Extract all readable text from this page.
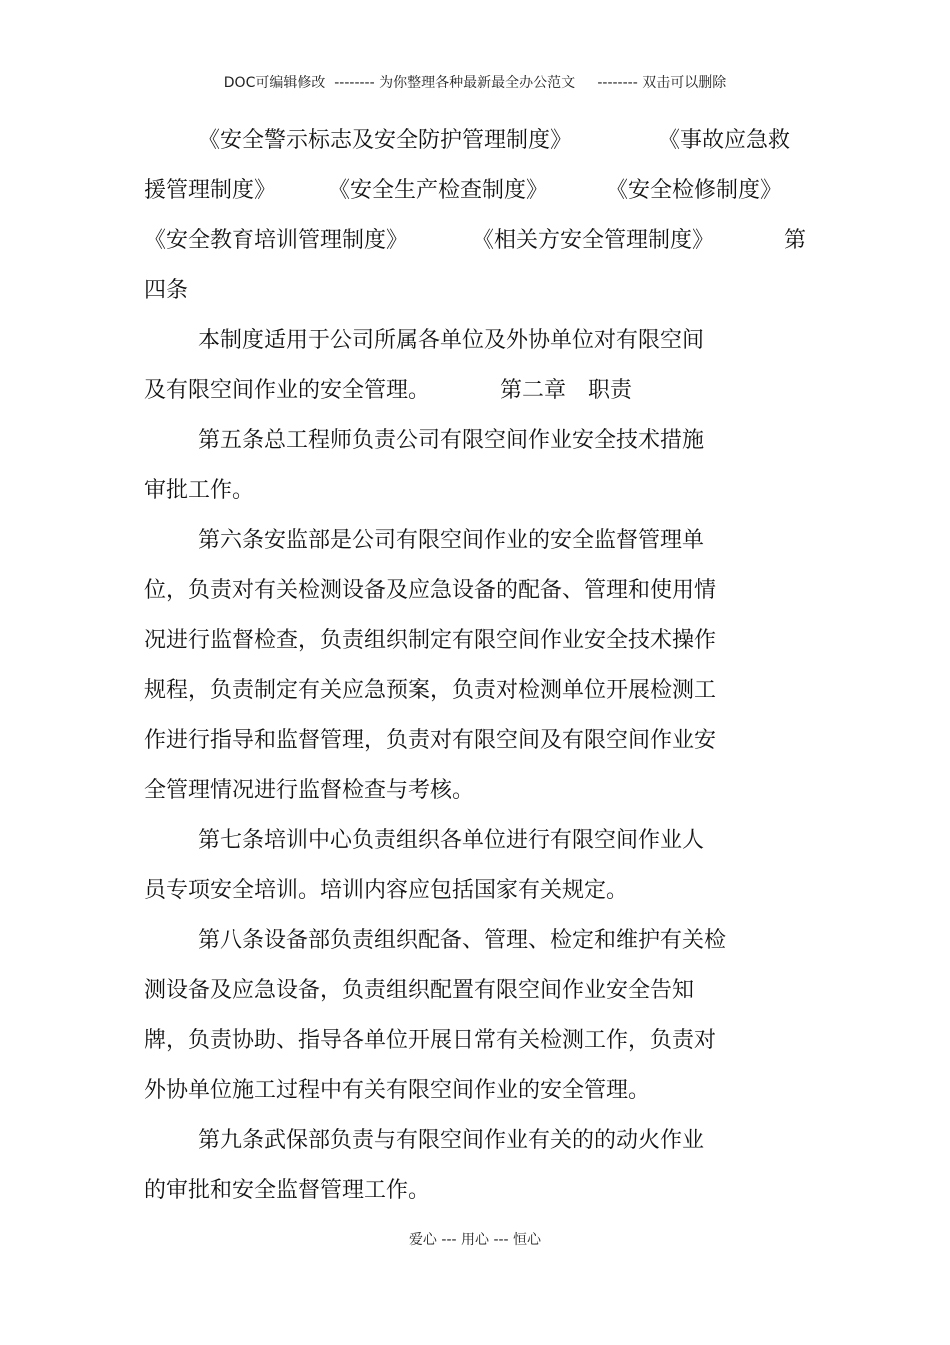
DOC可编辑修改  -------- 为你整理各种最新最全办公范文     -------- 双击可以删除
《安全警示标志及安全防护管理制度》	《事故应急救
援管理制度》 《安全生产检查制度》	《安全检修制度》
《安全教育培训管理制度》	《相关方安全管理制度》	第
四条
本制度适用于公司所属各单位及外协单位对有限空间
及有限空间作业的安全管理。	第二章　职责
第五条总工程师负责公司有限空间作业安全技术措施
审批工作。
第六条安监部是公司有限空间作业的安全监督管理单
位，负责对有关检测设备及应急设备的配备、管理和使用情
况进行监督检查，负责组织制定有限空间作业安全技术操作
规程，负责制定有关应急预案，负责对检测单位开展检测工
作进行指导和监督管理，负责对有限空间及有限空间作业安
全管理情况进行监督检查与考核。
第七条培训中心负责组织各单位进行有限空间作业人
员专项安全培训。培训内容应包括国家有关规定。
第八条设备部负责组织配备、管理、检定和维护有关检
测设备及应急设备，负责组织配置有限空间作业安全告知
牌，负责协助、指导各单位开展日常有关检测工作，负责对
外协单位施工过程中有关有限空间作业的安全管理。
第九条武保部负责与有限空间作业有关的的动火作业
的审批和安全监督管理工作。
爱心 --- 用心 --- 恒心
